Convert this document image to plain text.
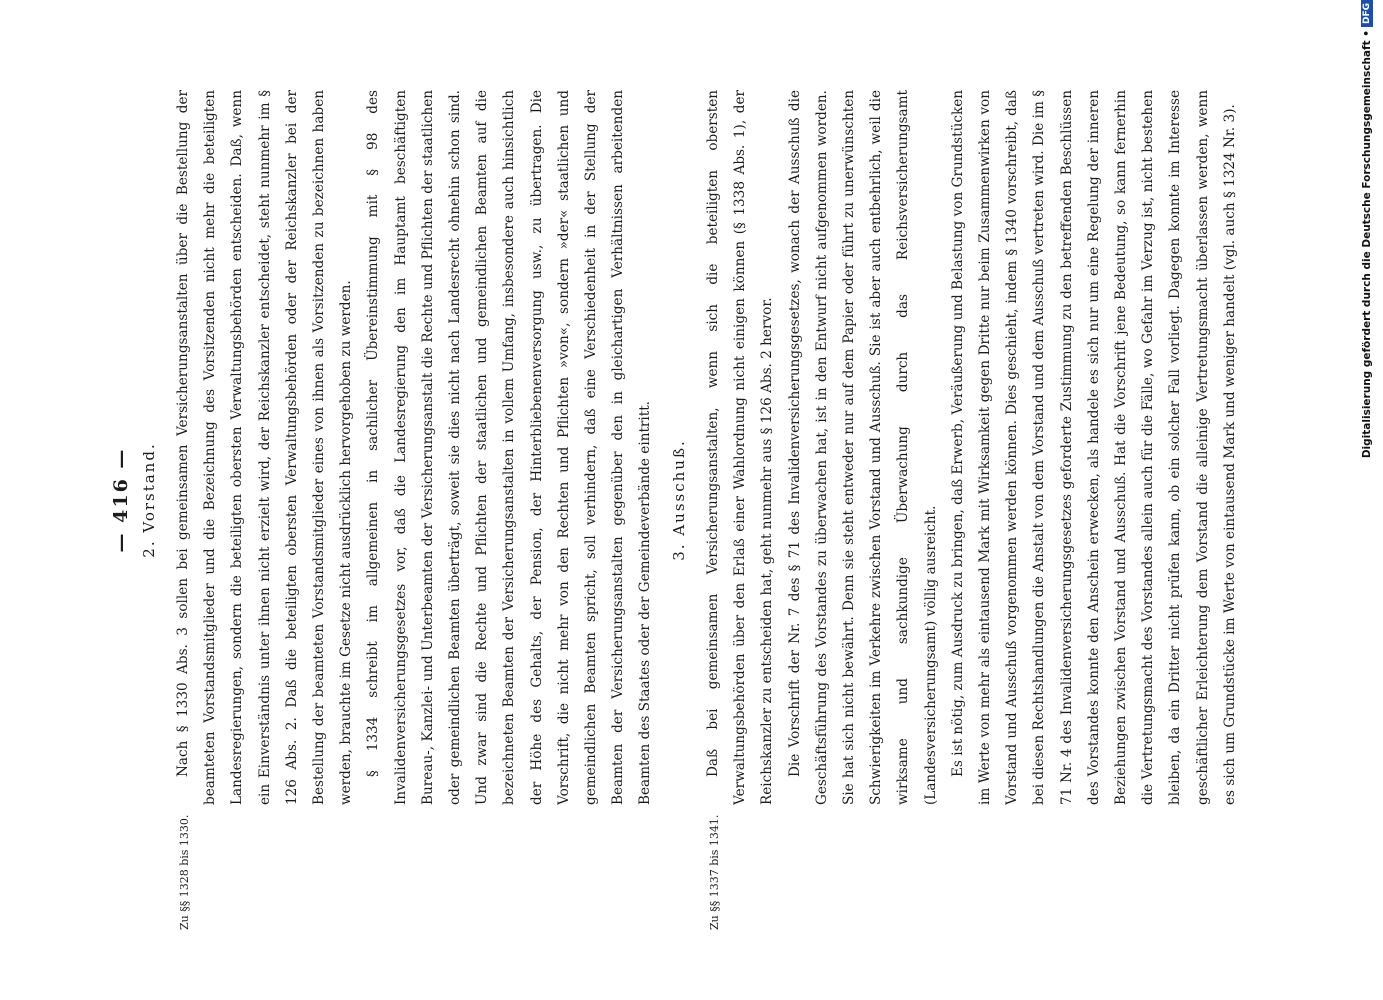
— 416 — 2. Vorstand.
Zu §§ 1328 bis 1330.

Nach § 1330 Abs. 3 sollen bei gemeinsamen Versicherungsanstalten über die Bestellung der beamteten Vorstandsmitglieder und die Bezeichnung des Vorsitzenden nicht mehr die beteiligten Landesregierungen, sondern die beteiligten obersten Verwaltungsbehörden entscheiden. Daß, wenn ein Einverständnis unter ihnen nicht erzielt wird, der Reichskanzler entscheidet, steht nunmehr im § 126 Abs. 2. Daß die beteiligten obersten Verwaltungsbehörden oder der Reichskanzler bei der Bestellung der beamteten Vorstandsmitglieder eines von ihnen als Vorsitzenden zu bezeichnen haben werden, brauchte im Gesetze nicht ausdrücklich hervorgehoben zu werden. § 1334 schreibt im allgemeinen in sachlicher Übereinstimmung mit § 98 des Invalidenversicherungsgesetzes vor, daß die Landesregierung den im Hauptamt beschäftigten Bureau-, Kanzlei- und Unterbeamten der Versicherungsanstalt die Rechte und Pflichten der staatlichen oder gemeindlichen Beamten überträgt, soweit sie dies nicht nach Landesrecht ohnehin schon sind. Und zwar sind die Rechte und Pflichten der staatlichen und gemeindlichen Beamten auf die bezeichneten Beamten der Versicherungsanstalten in vollem Umfang, insbesondere auch hinsichtlich der Höhe des Gehalts, der Pension, der Hinterbliebenenversorgung usw., zu übertragen. Die Vorschrift, die nicht mehr von den Rechten und Pflichten »von«, sondern »der« staatlichen und gemeindlichen Beamten spricht, soll verhindern, daß eine Verschiedenheit in der Stellung der Beamten der Versicherungsanstalten gegenüber den in gleichartigen Verhältnissen arbeitenden Beamten des Staates oder der Gemeindeverbände eintritt.	3. Ausschuß.
Zu §§ 1337 bis 1341.

Daß bei gemeinsamen Versicherungsanstalten, wenn sich die beteiligten obersten Verwaltungsbehörden über den Erlaß einer Wahlordnung nicht einigen können (§ 1338 Abs. 1), der Reichskanzler zu entscheiden hat, geht nunmehr aus § 126 Abs. 2 hervor. Die Vorschrift der Nr. 7 des § 71 des Invalidenversicherungsgesetzes, wonach der Ausschuß die Geschäftsführung des Vorstandes zu überwachen hat, ist in den Entwurf nicht aufgenommen worden. Sie hat sich nicht bewährt. Denn sie steht entweder nur auf dem Papier oder führt zu unerwünschten Schwierigkeiten im Verkehre zwischen Vorstand und Ausschuß. Sie ist aber auch entbehrlich, weil die wirksame und sachkundige Überwachung durch das Reichsversicherungsamt (Landesversicherungsamt) völlig ausreicht. Es ist nötig, zum Ausdruck zu bringen, daß Erwerb, Veräußerung und Belastung von Grundstücken im Werte von mehr als eintausend Mark mit Wirksamkeit gegen Dritte nur beim Zusammenwirken von Vorstand und Ausschuß vorgenommen werden können. Dies geschieht, indem § 1340 vorschreibt, daß bei diesen Rechtshandlungen die Anstalt von dem Vorstand und dem Ausschuß vertreten wird. Die im § 71 Nr. 4 des Invalidenversicherungsgesetzes geforderte Zustimmung zu den betreffenden Beschlüssen des Vorstandes konnte den Anschein erwecken, als handele es sich nur um eine Regelung der inneren Beziehungen zwischen Vorstand und Ausschuß. Hat die Vorschrift jene Bedeutung, so kann fernerhin die Vertretungsmacht des Vorstandes allein auch für die Fälle, wo Gefahr im Verzug ist, nicht bestehen bleiben, da ein Dritter nicht prüfen kann, ob ein solcher Fall vorliegt. Dagegen konnte im Interesse geschäftlicher Erleichterung dem Vorstand die alleinige Vertretungsmacht überlassen werden, wenn es sich um Grundstücke im Werte von eintausend Mark und weniger handelt (vgl. auch § 1324 Nr. 3).	Digitalisierung gefördert durch die Deutsche Forschungsgemeinschaft •
DFG
